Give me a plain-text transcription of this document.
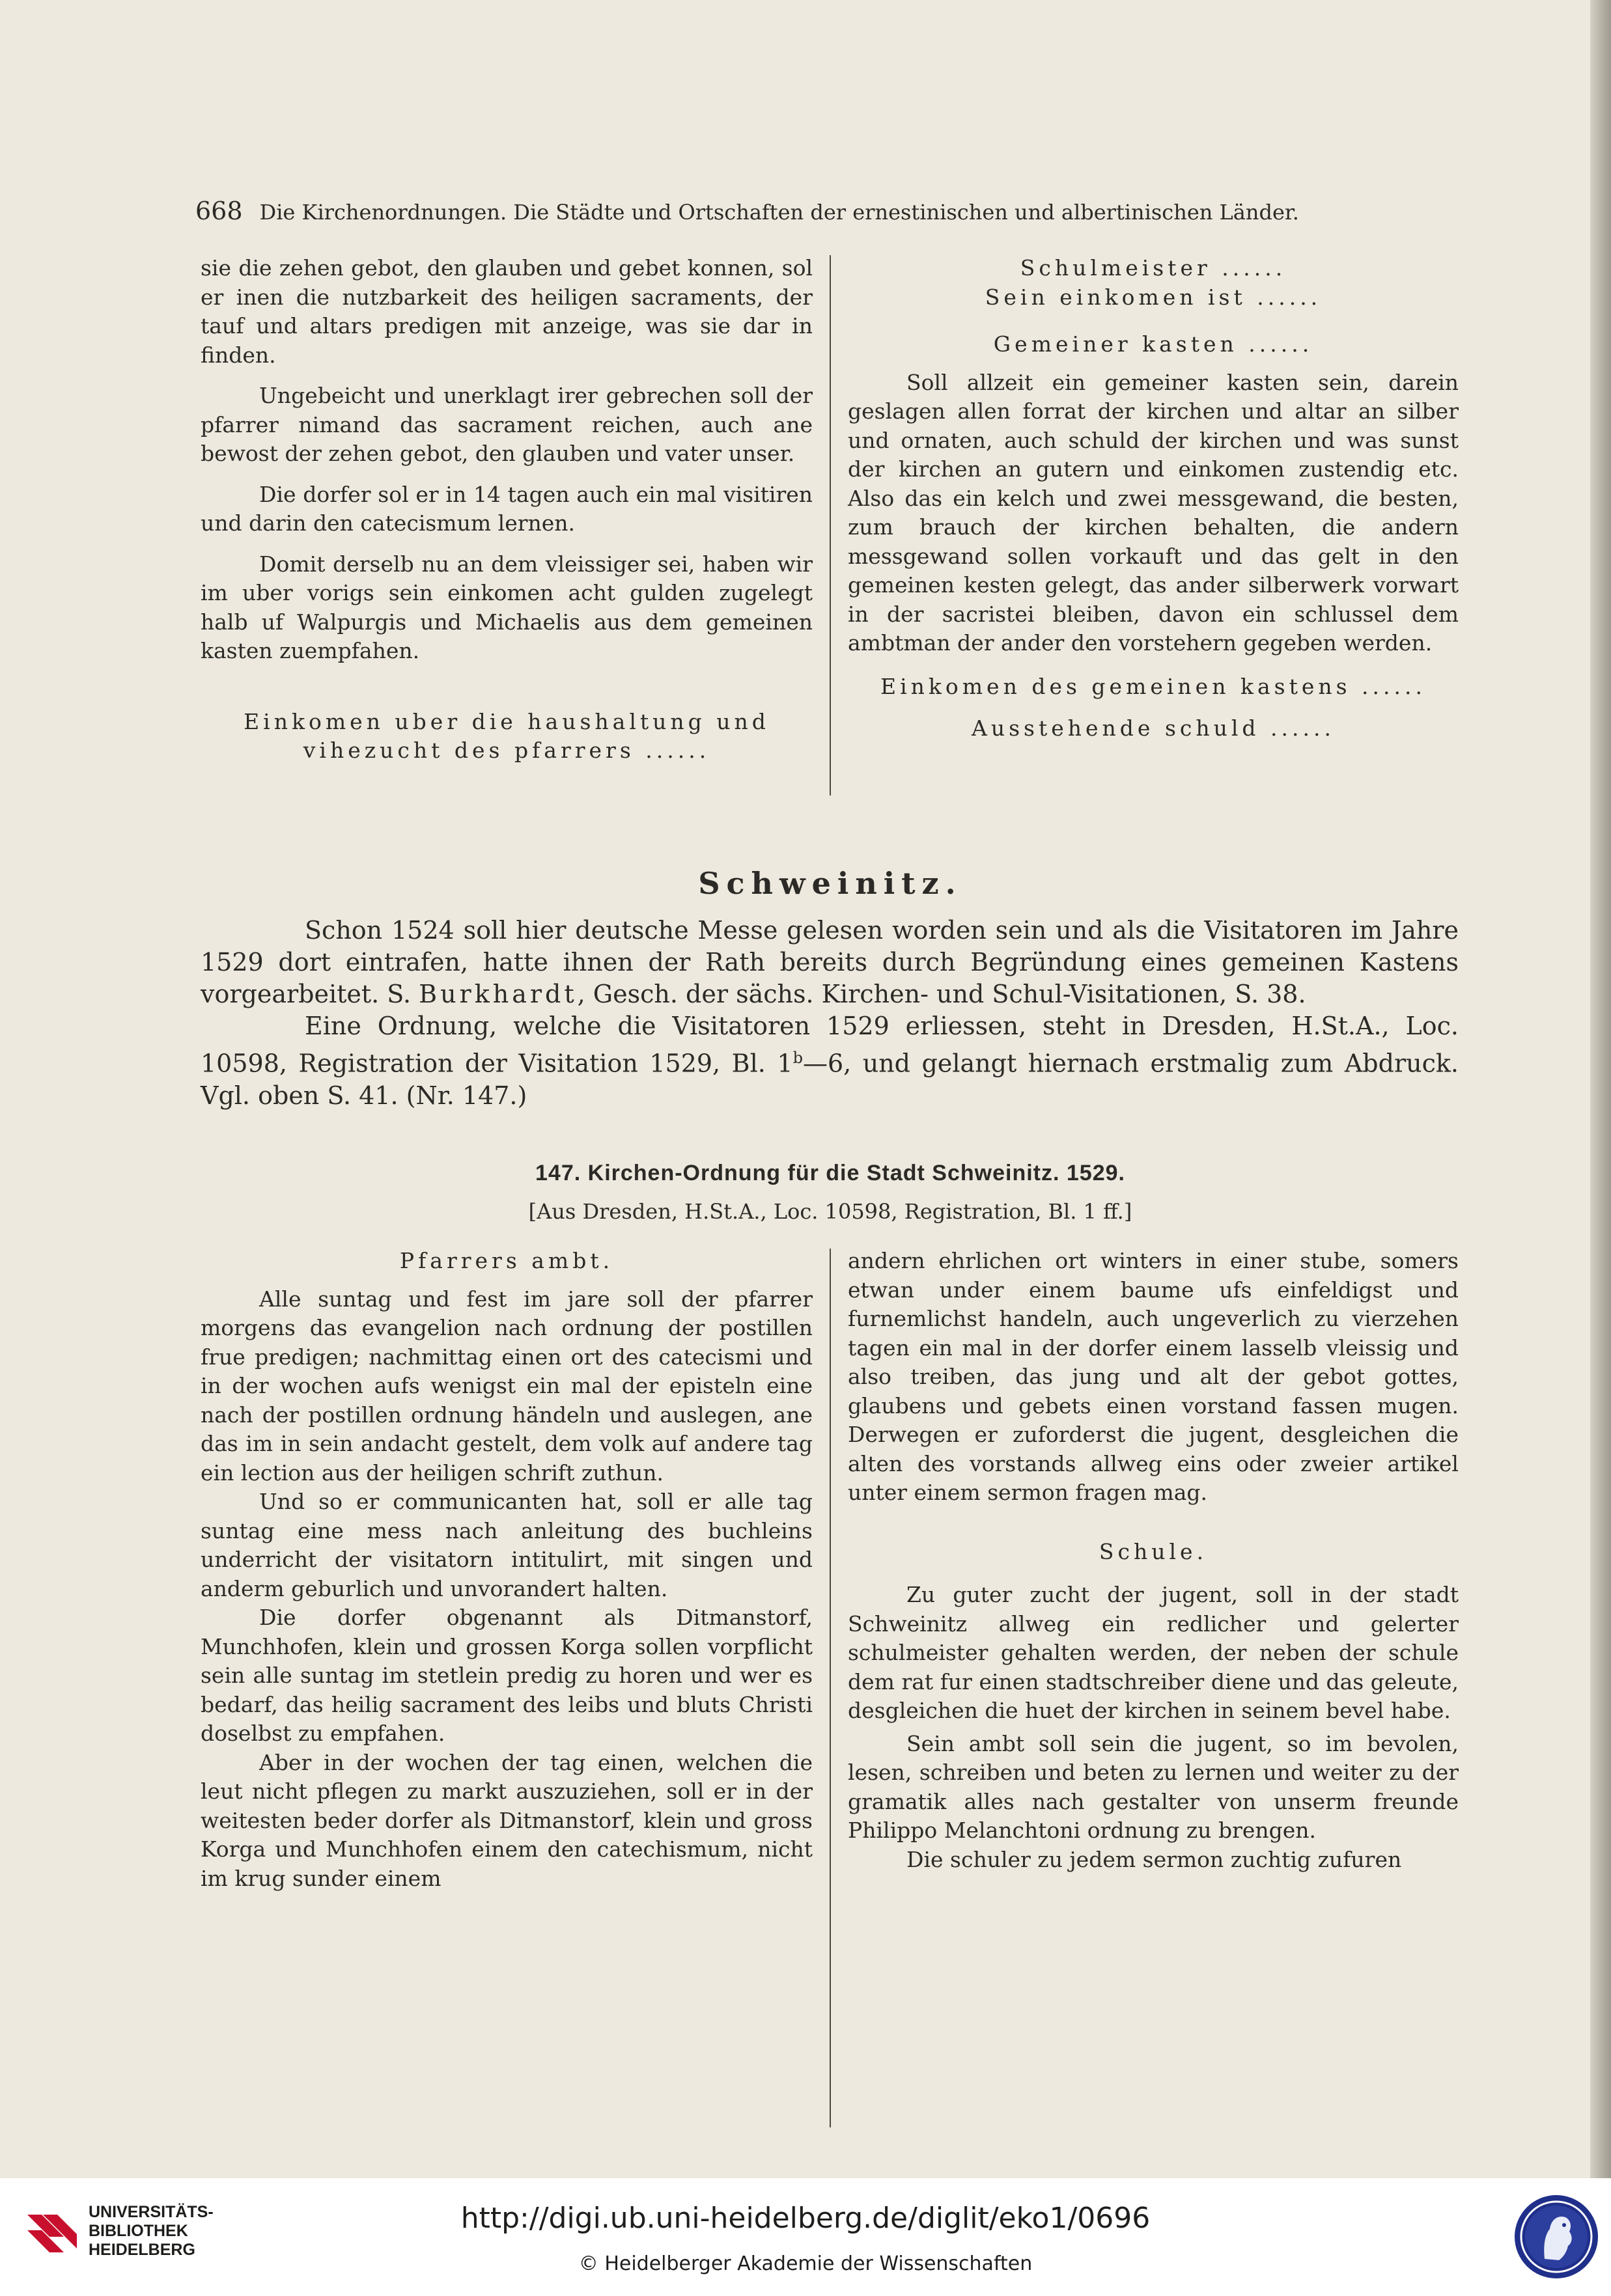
668 Die Kirchenordnungen. Die Städte und Ortschaften der ernestinischen und albertinischen Länder.

sie die zehen gebot, den glauben und gebet konnen, sol er inen die nutzbarkeit des heiligen sacraments, der tauf und altars predigen mit anzeige, was sie dar in finden.

Ungebeicht und unerklagt irer gebrechen soll der pfarrer nimand das sacrament reichen, auch ane bewost der zehen gebot, den glauben und vater unser.

Die dorfer sol er in 14 tagen auch ein mal visitiren und darin den catecismum lernen.

Domit derselb nu an dem vleissiger sei, haben wir im uber vorigs sein einkomen acht gulden zugelegt halb uf Walpurgis und Michaelis aus dem gemeinen kasten zuempfahen.

Einkomen uber die haushaltung und

vihezucht des pfarrers ......

Schulmeister ......

Sein einkomen ist ......

Gemeiner kasten ......

Soll allzeit ein gemeiner kasten sein, darein geslagen allen forrat der kirchen und altar an silber und ornaten, auch schuld der kirchen und was sunst der kirchen an gutern und einkomen zustendig etc. Also das ein kelch und zwei messgewand, die besten, zum brauch der kirchen behalten, die andern messgewand sollen vorkauft und das gelt in den gemeinen kesten gelegt, das ander silberwerk vorwart in der sacristei bleiben, davon ein schlussel dem ambtman der ander den vorstehern gegeben werden.

Einkomen des gemeinen kastens ......

Ausstehende schuld ......

Schweinitz.

Schon 1524 soll hier deutsche Messe gelesen worden sein und als die Visitatoren im Jahre 1529 dort eintrafen, hatte ihnen der Rath bereits durch Begründung eines gemeinen Kastens vorgearbeitet. S. Burkhardt, Gesch. der sächs. Kirchen- und Schul-Visitationen, S. 38.

Eine Ordnung, welche die Visitatoren 1529 erliessen, steht in Dresden, H.St.A., Loc. 10598, Registration der Visitation 1529, Bl. 1$^b$—6, und gelangt hiernach erstmalig zum Abdruck. Vgl. oben S. 41. (Nr. 147.)

147. Kirchen-Ordnung für die Stadt Schweinitz. 1529.
[Aus Dresden, H.St.A., Loc. 10598, Registration, Bl. 1 ff.]

Pfarrers ambt.

Alle suntag und fest im jare soll der pfarrer morgens das evangelion nach ordnung der postillen frue predigen; nachmittag einen ort des catecismi und in der wochen aufs wenigst ein mal der episteln eine nach der postillen ordnung händeln und auslegen, ane das im in sein andacht gestelt, dem volk auf andere tag ein lection aus der heiligen schrift zuthun.

Und so er communicanten hat, soll er alle tag suntag eine mess nach anleitung des buchleins underricht der visitatorn intitulirt, mit singen und anderm geburlich und unvorandert halten.

Die dorfer obgenannt als Ditmanstorf, Munchhofen, klein und grossen Korga sollen vorpflicht sein alle suntag im stetlein predig zu horen und wer es bedarf, das heilig sacrament des leibs und bluts Christi doselbst zu empfahen.

Aber in der wochen der tag einen, welchen die leut nicht pflegen zu markt auszuziehen, soll er in der weitesten beder dorfer als Ditmanstorf, klein und gross Korga und Munchhofen einem den catechismum, nicht im krug sunder einem

andern ehrlichen ort winters in einer stube, somers etwan under einem baume ufs einfeldigst und furnemlichst handeln, auch ungeverlich zu vierzehen tagen ein mal in der dorfer einem lasselb vleissig und also treiben, das jung und alt der gebot gottes, glaubens und gebets einen vorstand fassen mugen. Derwegen er zuforderst die jugent, desgleichen die alten des vorstands allweg eins oder zweier artikel unter einem sermon fragen mag.

Schule.

Zu guter zucht der jugent, soll in der stadt Schweinitz allweg ein redlicher und gelerter schulmeister gehalten werden, der neben der schule dem rat fur einen stadtschreiber diene und das geleute, desgleichen die huet der kirchen in seinem bevel habe.

Sein ambt soll sein die jugent, so im bevolen, lesen, schreiben und beten zu lernen und weiter zu der gramatik alles nach gestalter von unserm freunde Philippo Melanchtoni ordnung zu brengen.

Die schuler zu jedem sermon zuchtig zufuren

UNIVERSITÄTS-
BIBLIOTHEK
HEIDELBERG
http://digi.ub.uni-heidelberg.de/diglit/eko1/0696
© Heidelberger Akademie der Wissenschaften
